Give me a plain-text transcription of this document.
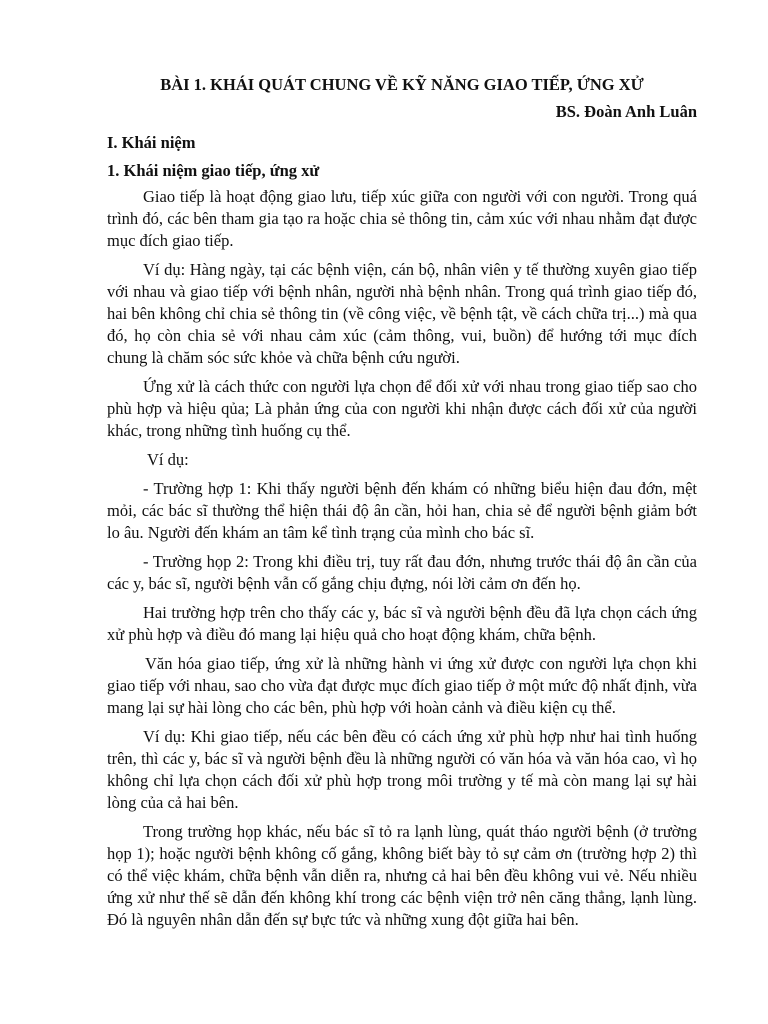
BÀI 1. KHÁI QUÁT CHUNG VỀ KỸ NĂNG GIAO TIẾP, ỨNG XỬ
BS. Đoàn Anh Luân
I. Khái niệm
1. Khái niệm giao tiếp, ứng xử

Giao tiếp là hoạt động giao lưu, tiếp xúc giữa con người với con người. Trong quá trình đó, các bên tham gia tạo ra hoặc chia sẻ thông tin, cảm xúc với nhau nhằm đạt được mục đích giao tiếp.

Ví dụ: Hàng ngày, tại các bệnh viện, cán bộ, nhân viên y tế thường xuyên giao tiếp với nhau và giao tiếp với bệnh nhân, người nhà bệnh nhân. Trong quá trình giao tiếp đó, hai bên không chỉ chia sẻ thông tin (về công việc, về bệnh tật, về cách chữa trị...) mà qua đó, họ còn chia sẻ với nhau cảm xúc (cảm thông, vui, buồn) để hướng tới mục đích chung là chăm sóc sức khỏe và chữa bệnh cứu người.

Ứng xử là cách thức con người lựa chọn để đối xử với nhau trong giao tiếp sao cho phù hợp và hiệu qủa; Là phản ứng của con người khi nhận được cách đối xử của người khác, trong những tình huống cụ thể.

Ví dụ:

- Trường hợp 1: Khi thấy người bệnh đến khám có những biểu hiện đau đớn, mệt mỏi, các bác sĩ thường thể hiện thái độ ân cần, hỏi han, chia sẻ để người bệnh giảm bớt lo âu. Người đến khám an tâm kể tình trạng của mình cho bác sĩ.

- Trường họp 2: Trong khi điều trị, tuy rất đau đớn, nhưng trước thái độ ân cần của các y, bác sĩ, người bệnh vẫn cố gắng chịu đựng, nói lời cảm ơn đến họ.

Hai trường hợp trên cho thấy các y, bác sĩ và người bệnh đều đã lựa chọn cách ứng xử phù hợp và điều đó mang lại hiệu quả cho hoạt động khám, chữa bệnh.

Văn hóa giao tiếp, ứng xử là những hành vi ứng xử được con người lựa chọn khi giao tiếp với nhau, sao cho vừa đạt được mục đích giao tiếp ở một mức độ nhất định, vừa mang lại sự hài lòng cho các bên, phù hợp với hoàn cảnh và điều kiện cụ thể.

Ví dụ: Khi giao tiếp, nếu các bên đều có cách ứng xử phù hợp như hai tình huống trên, thì các y, bác sĩ và người bệnh đều là những người có văn hóa và văn hóa cao, vì họ không chỉ lựa chọn cách đối xử phù hợp trong môi trường y tế mà còn mang lại sự hài lòng của cả hai bên.

Trong trường họp khác, nếu bác sĩ tỏ ra lạnh lùng, quát tháo người bệnh (ở trường họp 1); hoặc người bệnh không cố gắng, không biết bày tỏ sự cảm ơn (trường hợp 2) thì có thể việc khám, chữa bệnh vẫn diễn ra, nhưng cả hai bên đều không vui vẻ. Nếu nhiều ứng xử như thế sẽ dẫn đến không khí trong các bệnh viện trở nên căng thẳng, lạnh lùng. Đó là nguyên nhân dẫn đến sự bực tức và những xung đột giữa hai bên.
